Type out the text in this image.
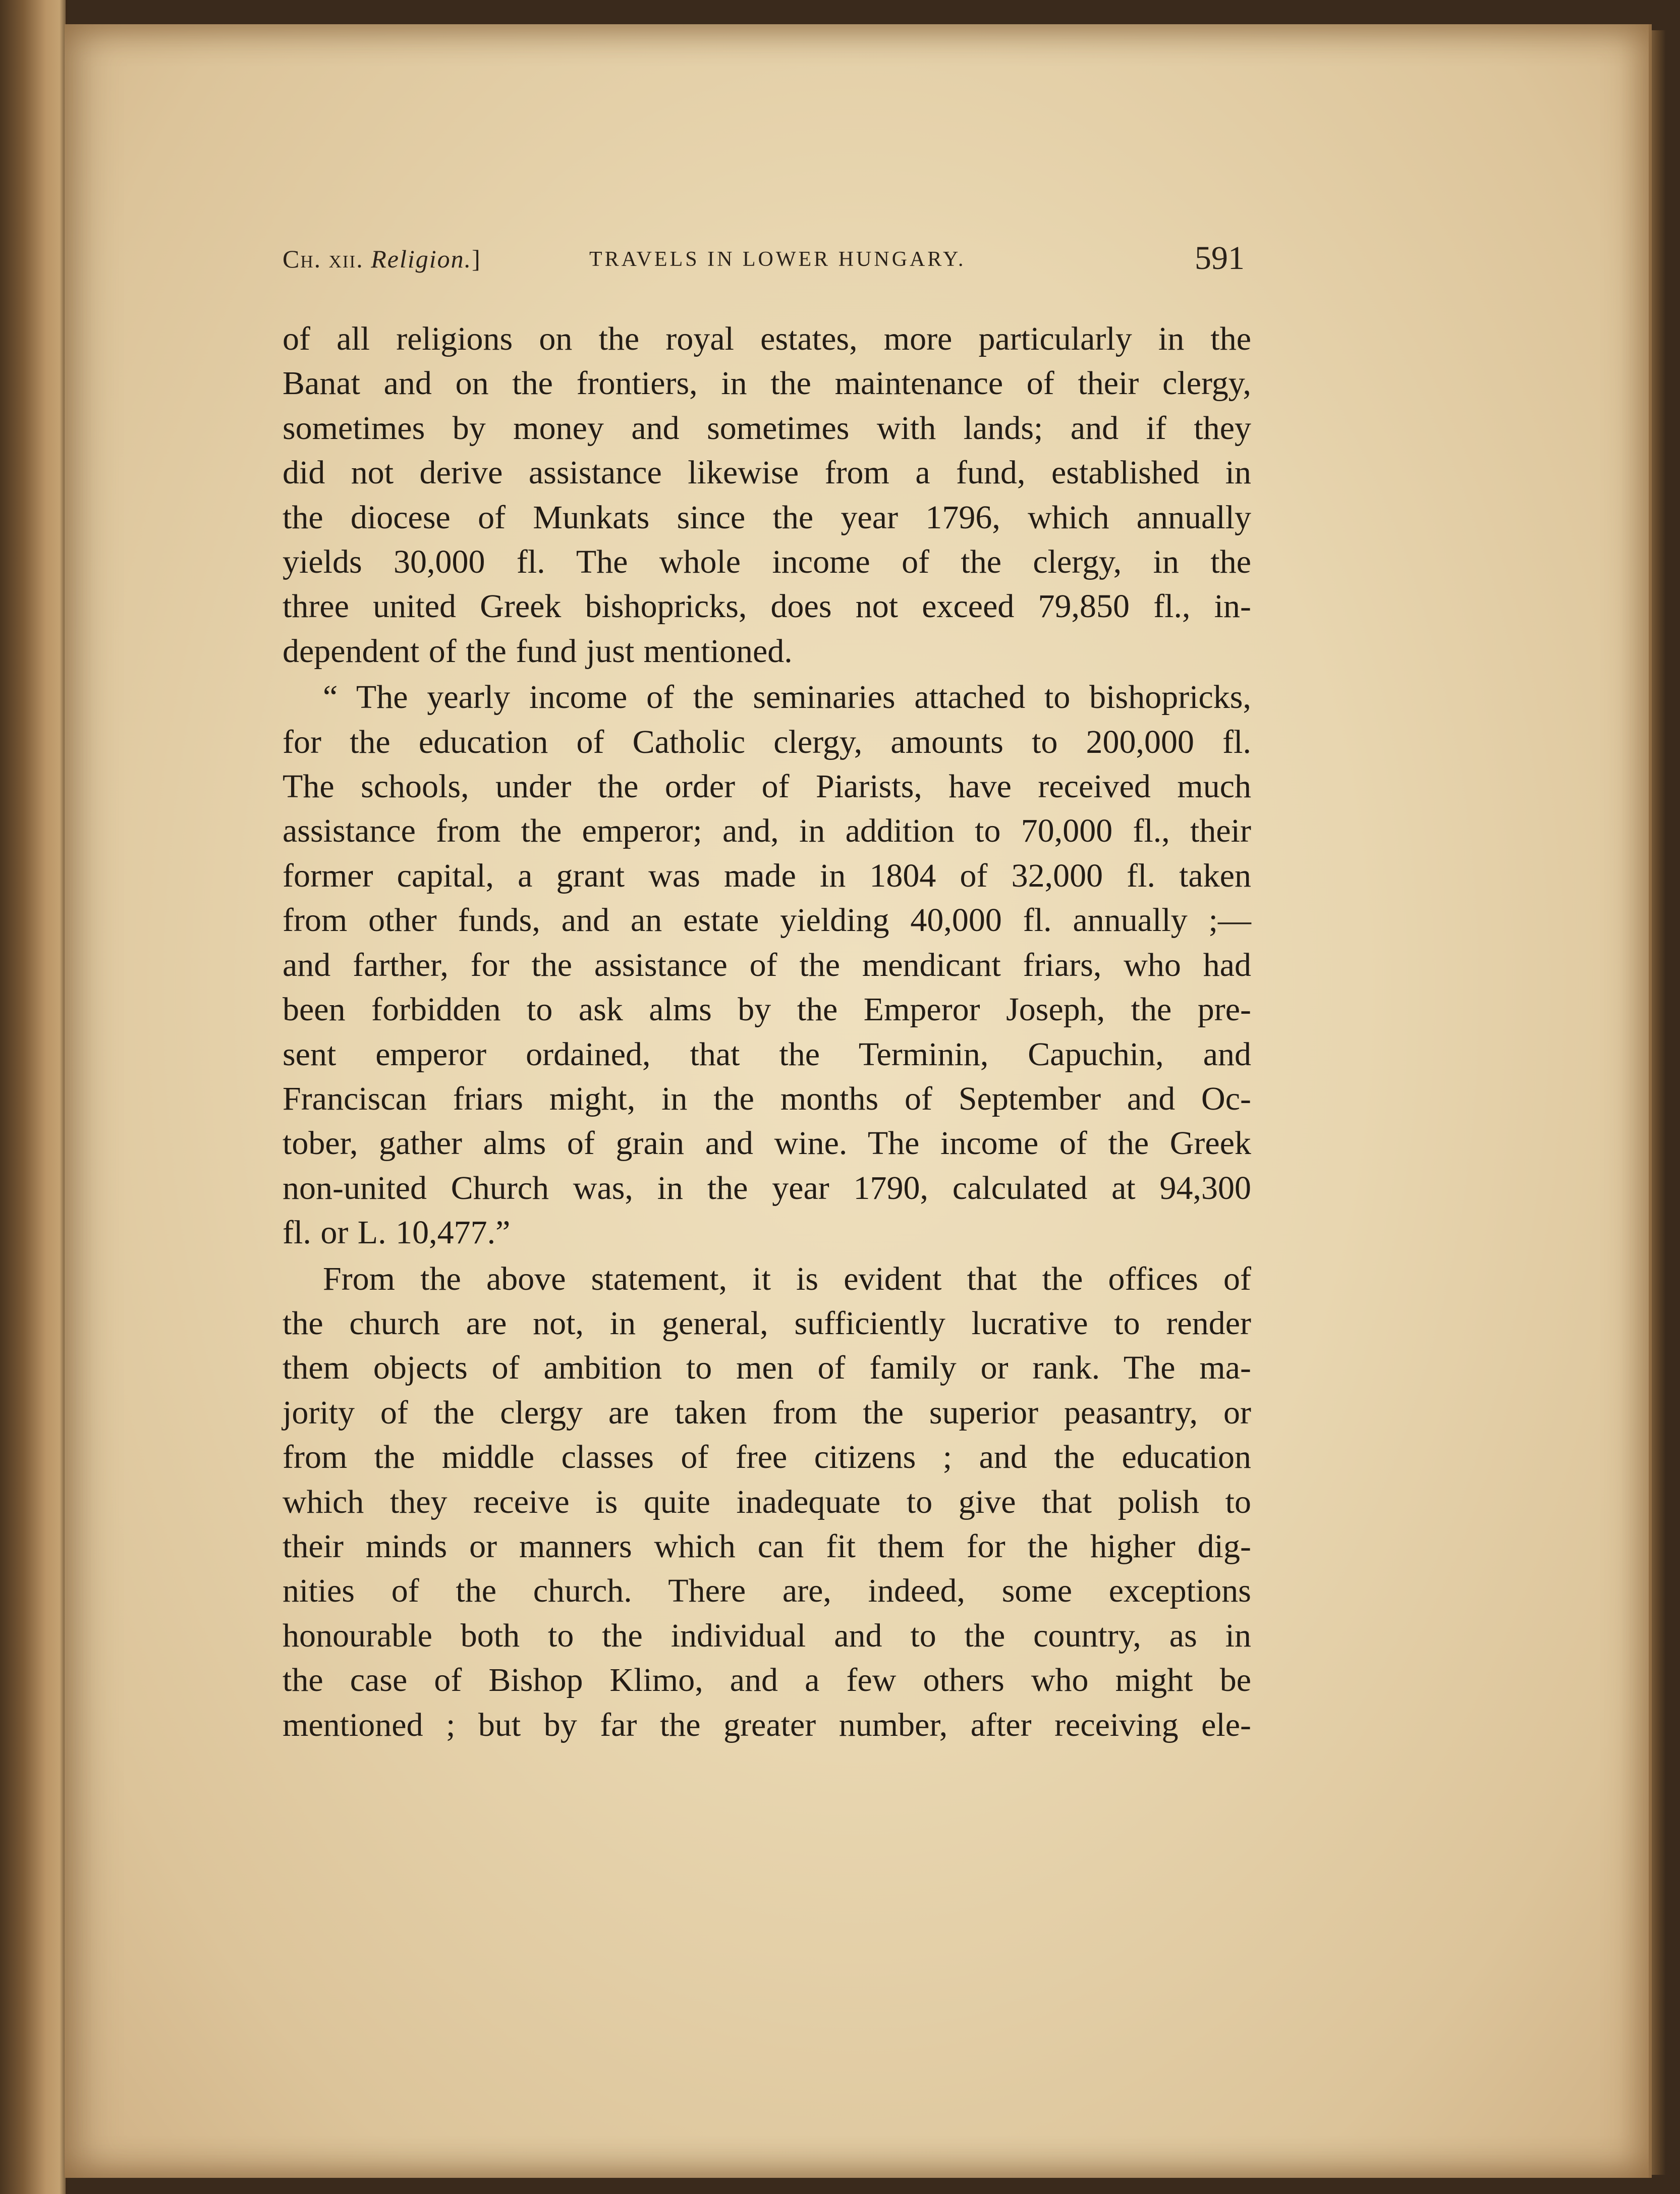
Ch. xii. Religion.]	TRAVELS IN LOWER HUNGARY.	591
of all religions on the royal estates, more particularly in the
Banat and on the frontiers, in the maintenance of their clergy,
sometimes by money and sometimes with lands; and if they
did not derive assistance likewise from a fund, established in
the diocese of Munkats since the year 1796, which annually
yields 30,000 fl. The whole income of the clergy, in the
three united Greek bishopricks, does not exceed 79,850 fl., in-
dependent of the fund just mentioned.
“ The yearly income of the seminaries attached to bishopricks,
for the education of Catholic clergy, amounts to 200,000 fl.
The schools, under the order of Piarists, have received much
assistance from the emperor; and, in addition to 70,000 fl., their
former capital, a grant was made in 1804 of 32,000 fl. taken
from other funds, and an estate yielding 40,000 fl. annually ;—
and farther, for the assistance of the mendicant friars, who had
been forbidden to ask alms by the Emperor Joseph, the pre-
sent emperor ordained, that the Terminin, Capuchin, and
Franciscan friars might, in the months of September and Oc-
tober, gather alms of grain and wine. The income of the Greek
non-united Church was, in the year 1790, calculated at 94,300
fl. or L. 10,477.”
From the above statement, it is evident that the offices of
the church are not, in general, sufficiently lucrative to render
them objects of ambition to men of family or rank. The ma-
jority of the clergy are taken from the superior peasantry, or
from the middle classes of free citizens ; and the education
which they receive is quite inadequate to give that polish to
their minds or manners which can fit them for the higher dig-
nities of the church. There are, indeed, some exceptions
honourable both to the individual and to the country, as in
the case of Bishop Klimo, and a few others who might be
mentioned ; but by far the greater number, after receiving ele-
